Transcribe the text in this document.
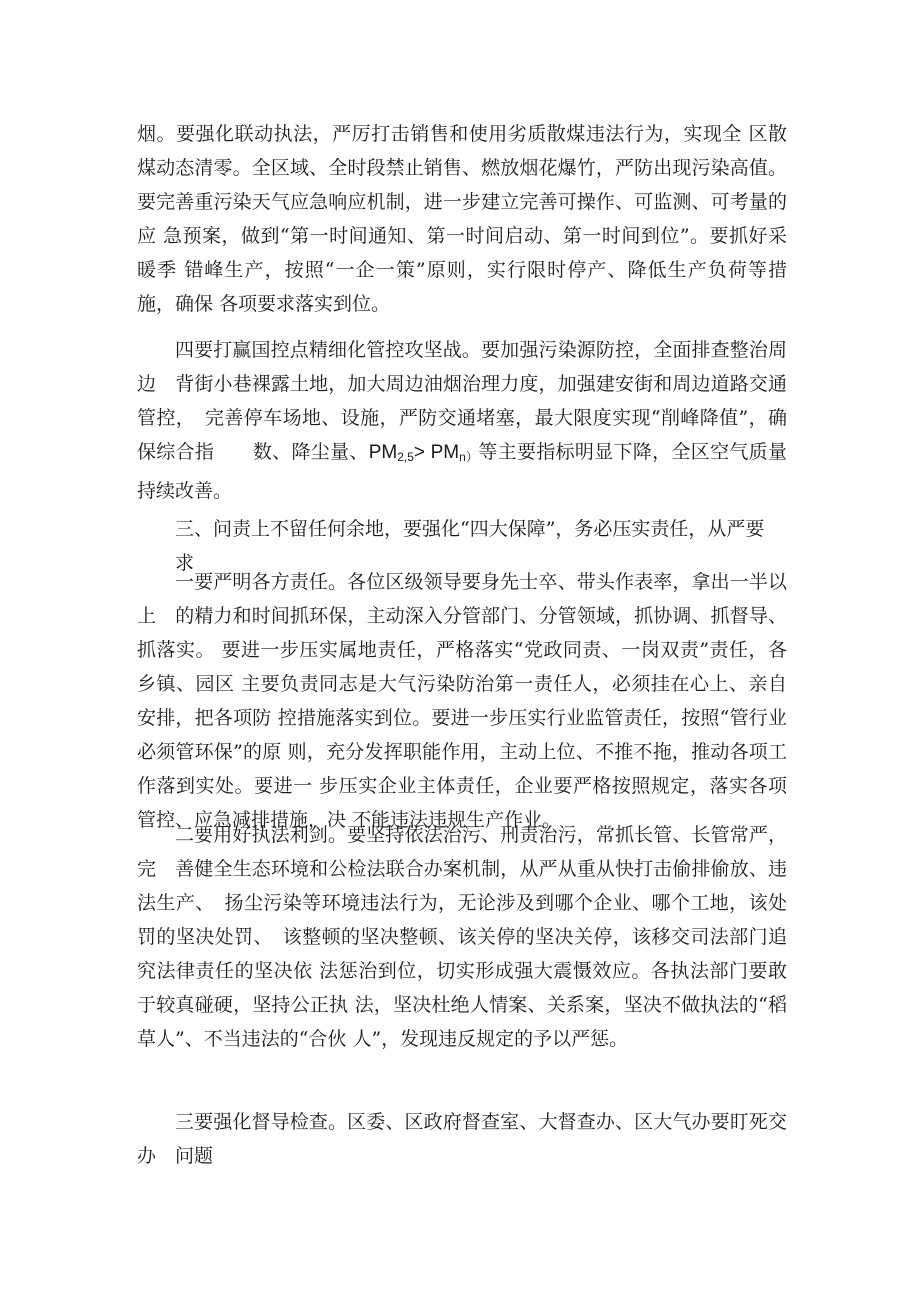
烟。要强化联动执法，严厉打击销售和使用劣质散煤违法行为，实现全 区散煤动态清零。全区域、全时段禁止销售、燃放烟花爆竹，严防出现污染高值。 要完善重污染天气应急响应机制，进一步建立完善可操作、可监测、可考量的应 急预案，做到“第一时间通知、第一时间启动、第一时间到位”。要抓好采暖季 错峰生产，按照“一企一策”原则，实行限时停产、降低生产负荷等措施，确保 各项要求落实到位。

四要打赢国控点精细化管控攻坚战。要加强污染源防控，全面排查整治周边　背街小巷裸露土地，加大周边油烟治理力度，加强建安街和周边道路交通管控，　完善停车场地、设施，严防交通堵塞，最大限度实现“削峰降值”，确保综合指　　数、降尘量、PM2,5> PMn）等主要指标明显下降，全区空气质量持续改善。

三、问责上不留任何余地，要强化“四大保障”，务必压实责任，从严要 求

一要严明各方责任。各位区级领导要身先士卒、带头作表率，拿出一半以上　的精力和时间抓环保，主动深入分管部门、分管领域，抓协调、抓督导、抓落实。 要进一步压实属地责任，严格落实“党政同责、一岗双责”责任，各乡镇、园区 主要负责同志是大气污染防治第一责任人，必须挂在心上、亲自安排，把各项防 控措施落实到位。要进一步压实行业监管责任，按照“管行业必须管环保”的原 则，充分发挥职能作用，主动上位、不推不拖，推动各项工作落到实处。要进一 步压实企业主体责任，企业要严格按照规定，落实各项管控、应急减排措施，决 不能违法违规生产作业。

二要用好执法利剑。要坚持依法治污、刑责治污，常抓长管、长管常严，完　善健全生态环境和公检法联合办案机制，从严从重从快打击偷排偷放、违法生产、　扬尘污染等环境违法行为，无论涉及到哪个企业、哪个工地，该处罚的坚决处罚、　该整顿的坚决整顿、该关停的坚决关停，该移交司法部门追究法律责任的坚决依 法惩治到位，切实形成强大震慑效应。各执法部门要敢于较真碰硬，坚持公正执 法，坚决杜绝人情案、关系案，坚决不做执法的“稻草人”、不当违法的“合伙 人”，发现违反规定的予以严惩。

三要强化督导检查。区委、区政府督查室、大督查办、区大气办要盯死交办　问题
